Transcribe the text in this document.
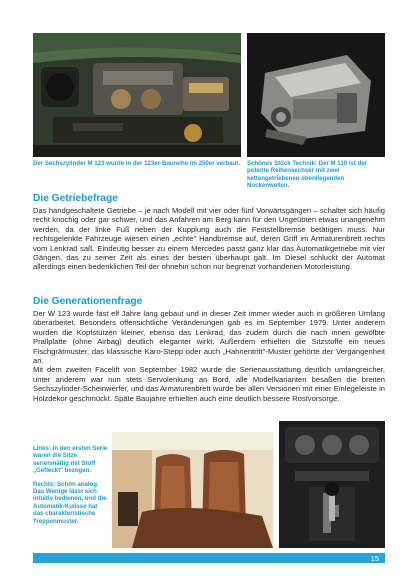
Der Sechszylinder M 123 wurde in der 123er-Baureihe im 250er verbaut. Schönes Stück Technik: Der M 110 ist der potente Reihensechser mit zwei kettengetriebenen obenliegenden Nockenwellen.
Die Getriebefrage

Das handgeschaltete Getriebe – je nach Modell mit vier oder fünf Vorwärtsgängen – schaltet sich häufig recht knochig oder gar schwer, und das Anfahren am Berg kann für den Ungeübten etwas unangenehm werden, da der linke Fuß neben der Kupplung auch die Feststellbremse betätigen muss. Nur rechtsgelenkte Fahrzeuge wiesen einen „echte" Handbremse auf, deren Griff im Armaturenbrett rechts vom Lenkrad saß. Eindeutig besser zu einem Mercedes passt ganz klar das Automatikgetriebe mit vier Gängen, das zu seiner Zeit als eines der besten überhaupt galt. Im Diesel schluckt der Automat allerdings einen bedenklichen Teil der ohnehin schon nur begrenzt vorhandenen Motorleistung.

Die Generationenfrage

Der W 123 wurde fast elf Jahre lang gebaut und in dieser Zeit immer wieder auch in größeren Umfang überarbeitet. Besonders offensichtliche Veränderungen gab es im September 1979. Unter anderem wurden die Kopfstützen kleiner, ebenso das Lenkrad, das zudem durch die nach innen gewölbte Prallplatte (ohne Airbag) deutlich eleganter wirkt. Außerdem erhielten die Sitzstoffe ein neues Fischgrätmuster, das klassische Karo-Stepp oder auch „Hahnentritt"-Muster gehörte der Vergangenheit an.

Mit dem zweiten Facelift von September 1982 wurde die Serienausstattung deutlich umfangreicher, unter anderem war nun stets Servolenkung an Bord, alle Modellvarianten besaßen die breiten Sechszylinder-Scheinwerfer, und das Armaturenbrett wurde bei allen Versionen mit einer Einlegeleiste in Holzdekor geschmückt. Späte Baujahre erhielten auch eine deutlich bessere Rostvorsorge.

Links: In den ersten Serie waren die Sitze serienmäßig mit Stoff „Gefleckt" bezogen.

Rechts: Schön analog: Das Wenige lässt sich intuitiv bedienen, und die Automatik-Kulisse hat das charakteristische Treppenmuster.

15
